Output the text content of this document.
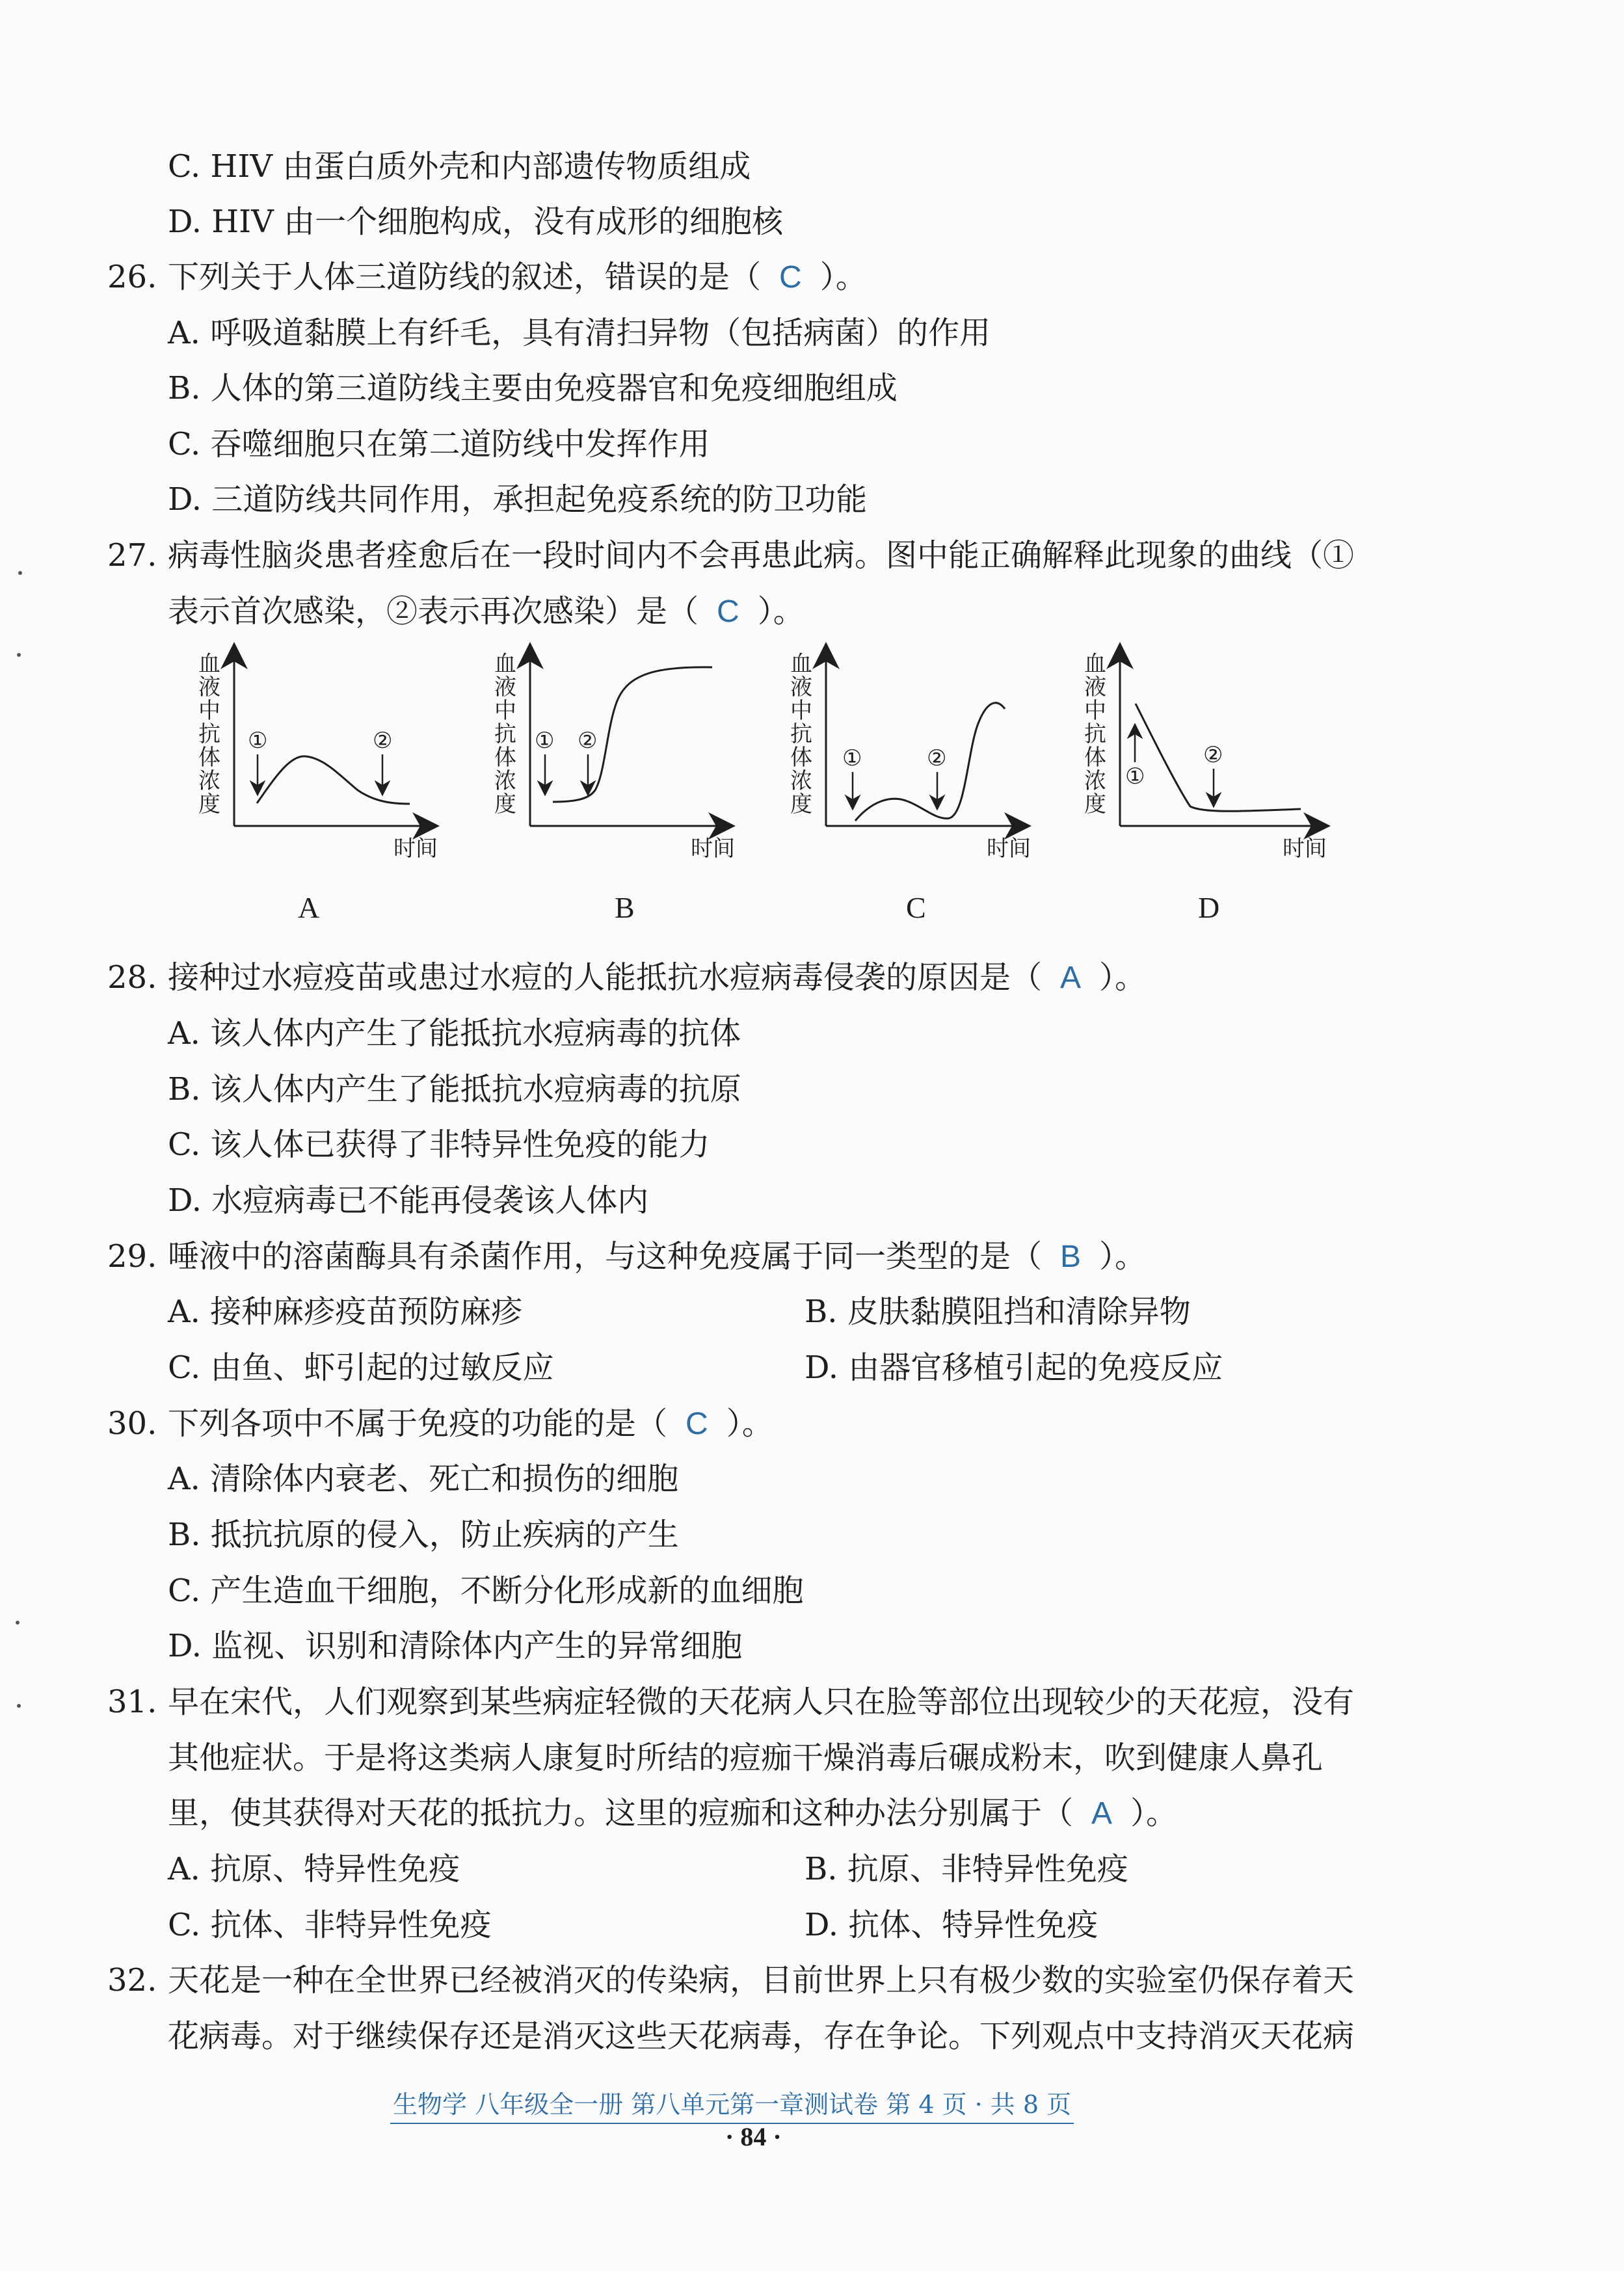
C. HIV 由蛋白质外壳和内部遗传物质组成
D. HIV 由一个细胞构成，没有成形的细胞核
26. 下列关于人体三道防线的叙述，错误的是（ C ）。
A. 呼吸道黏膜上有纤毛，具有清扫异物（包括病菌）的作用
B. 人体的第三道防线主要由免疫器官和免疫细胞组成
C. 吞噬细胞只在第二道防线中发挥作用
D. 三道防线共同作用，承担起免疫系统的防卫功能
27. 病毒性脑炎患者痊愈后在一段时间内不会再患此病。图中能正确解释此现象的曲线（①
表示首次感染，②表示再次感染）是（ C ）。
①	②
时间
① ②
时间
①	②
时间
①
②
时间
血
液
中
抗
体
浓
度
血
液
中
抗
体
浓
度
血
液
中
抗
体
浓
度
血
液
中
抗
体
浓
度
A	B	C	D
28. 接种过水痘疫苗或患过水痘的人能抵抗水痘病毒侵袭的原因是（ A ）。
A. 该人体内产生了能抵抗水痘病毒的抗体
B. 该人体内产生了能抵抗水痘病毒的抗原
C. 该人体已获得了非特异性免疫的能力
D. 水痘病毒已不能再侵袭该人体内
29. 唾液中的溶菌酶具有杀菌作用，与这种免疫属于同一类型的是（ B ）。
A. 接种麻疹疫苗预防麻疹	B. 皮肤黏膜阻挡和清除异物
C. 由鱼、虾引起的过敏反应	D. 由器官移植引起的免疫反应
30. 下列各项中不属于免疫的功能的是（ C ）。
A. 清除体内衰老、死亡和损伤的细胞
B. 抵抗抗原的侵入，防止疾病的产生
C. 产生造血干细胞，不断分化形成新的血细胞
D. 监视、识别和清除体内产生的异常细胞
31. 早在宋代，人们观察到某些病症轻微的天花病人只在脸等部位出现较少的天花痘，没有
其他症状。于是将这类病人康复时所结的痘痂干燥消毒后碾成粉末，吹到健康人鼻孔
里，使其获得对天花的抵抗力。这里的痘痂和这种办法分别属于（ A ）。
A. 抗原、特异性免疫	B. 抗原、非特异性免疫
C. 抗体、非特异性免疫	D. 抗体、特异性免疫
32. 天花是一种在全世界已经被消灭的传染病，目前世界上只有极少数的实验室仍保存着天
花病毒。对于继续保存还是消灭这些天花病毒，存在争论。下列观点中支持消灭天花病
生物学 八年级全一册 第八单元第一章测试卷 第 4 页 · 共 8 页
· 84 ·
